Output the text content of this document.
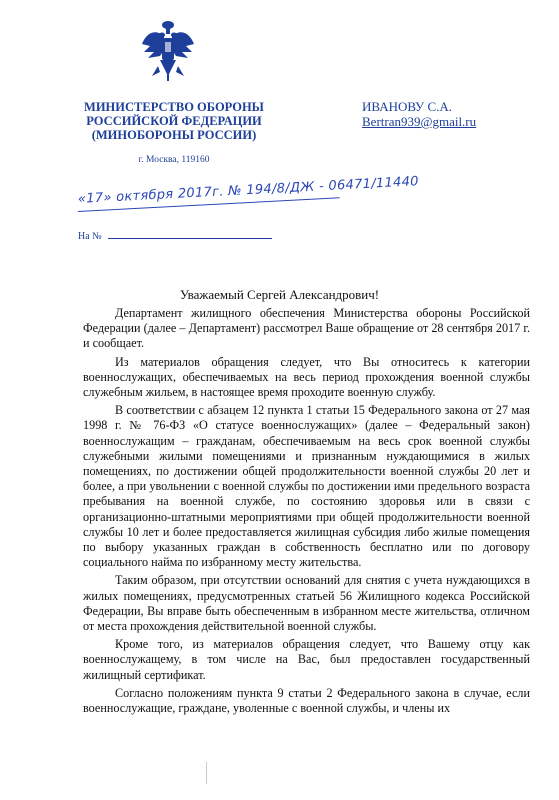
МИНИСТЕРСТВО ОБОРОНЫ
РОССИЙСКОЙ ФЕДЕРАЦИИ
(МИНОБОРОНЫ РОССИИ)
г. Москва, 119160
ИВАНОВУ С.А.
Bertran939@gmail.ru
«17» октября 2017г. № 194/8/ДЖ - 06471/11440
На №
Уважаемый Сергей Александрович!

Департамент жилищного обеспечения Министерства обороны Российской Федерации (далее – Департамент) рассмотрел Ваше обращение от 28 сентября 2017 г. и сообщает.

Из материалов обращения следует, что Вы относитесь к категории военнослужащих, обеспечиваемых на весь период прохождения военной службы служебным жильем, в настоящее время проходите военную службу.

В соответствии с абзацем 12 пункта 1 статьи 15 Федерального закона от 27 мая 1998 г. № 76-ФЗ «О статусе военнослужащих» (далее – Федеральный закон) военнослужащим – гражданам, обеспечиваемым на весь срок военной службы служебными жилыми помещениями и признанным нуждающимися в жилых помещениях, по достижении общей продолжительности военной службы 20 лет и более, а при увольнении с военной службы по достижении ими предельного возраста пребывания на военной службе, по состоянию здоровья или в связи с организационно-штатными мероприятиями при общей продолжительности военной службы 10 лет и более предоставляется жилищная субсидия либо жилые помещения по выбору указанных граждан в собственность бесплатно или по договору социального найма по избранному месту жительства.

Таким образом, при отсутствии оснований для снятия с учета нуждающихся в жилых помещениях, предусмотренных статьей 56 Жилищного кодекса Российской Федерации, Вы вправе быть обеспеченным в избранном месте жительства, отличном от места прохождения действительной военной службы.

Кроме того, из материалов обращения следует, что Вашему отцу как военнослужащему, в том числе на Вас, был предоставлен государственный жилищный сертификат.

Согласно положениям пункта 9 статьи 2 Федерального закона в случае, если военнослужащие, граждане, уволенные с военной службы, и члены их
